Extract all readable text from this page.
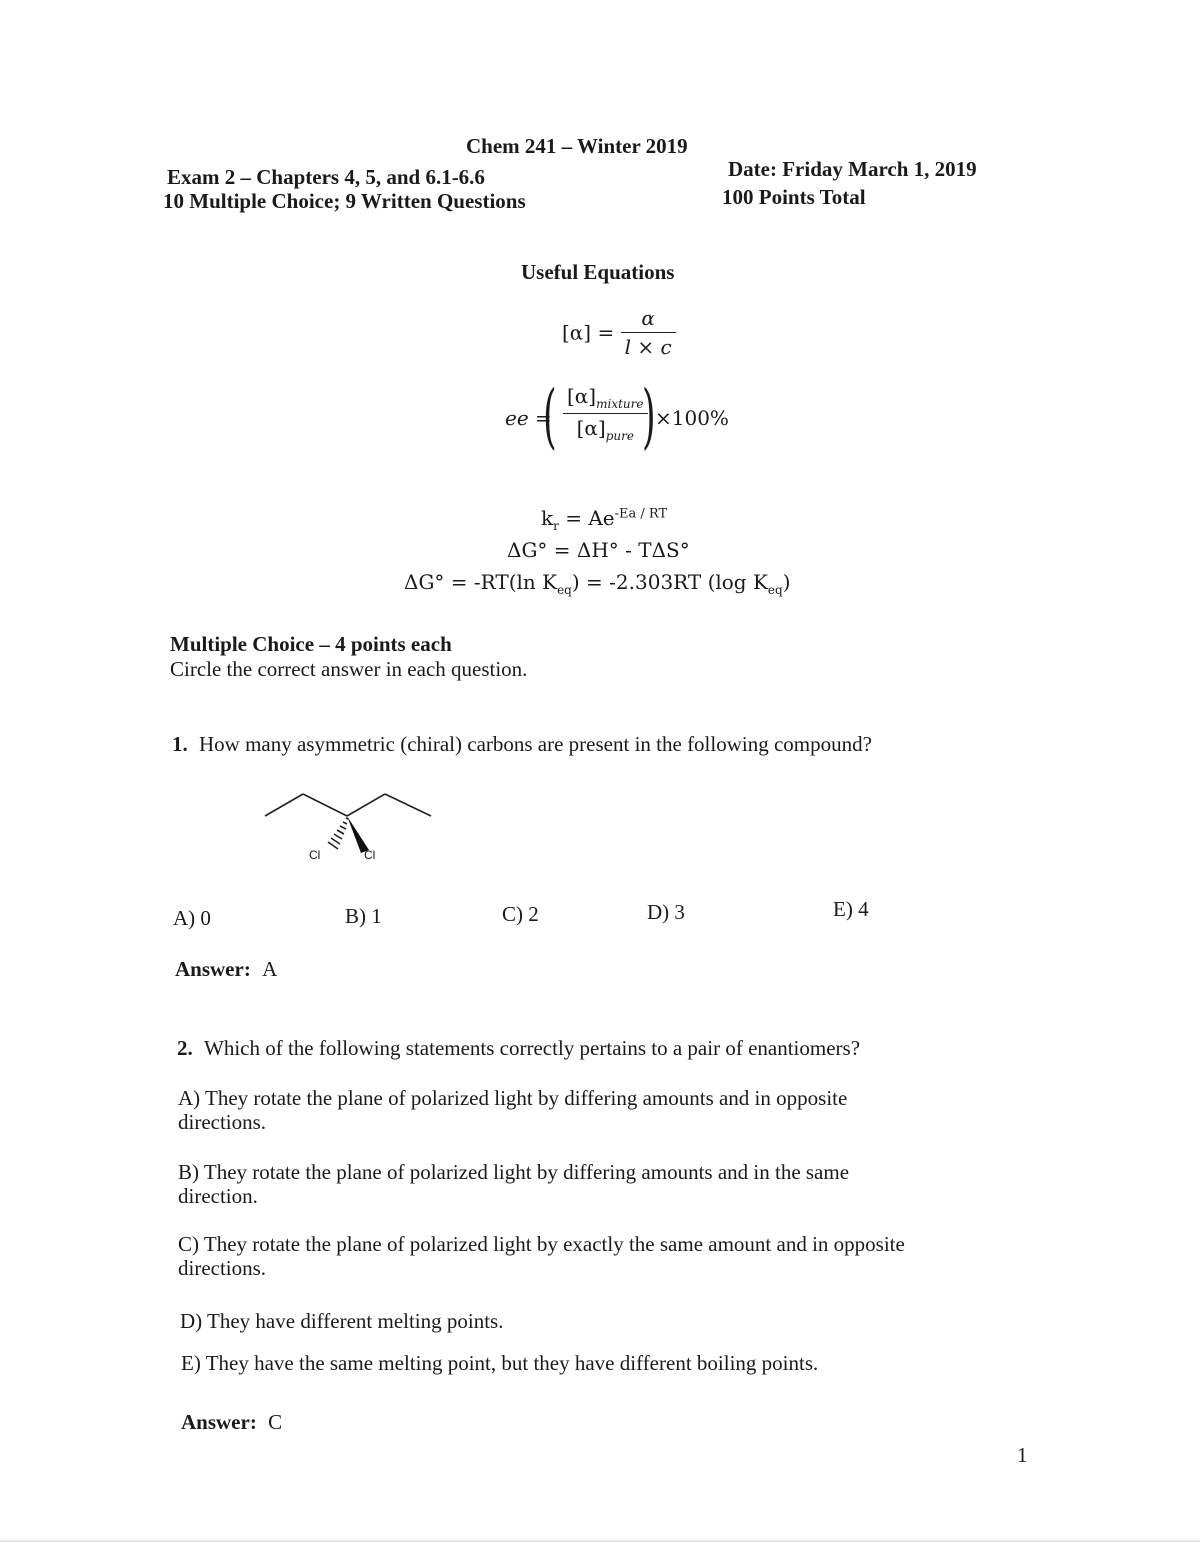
Chem 241 – Winter 2019
Exam 2 – Chapters 4, 5, and 6.1-6.6
10 Multiple Choice; 9 Written Questions
Date: Friday March 1, 2019
100 Points Total
Useful Equations
$[\alpha] = \frac{\alpha}{l \times c}$
ee =
( $[\alpha]_{mixture}$
$[\alpha]_{pure}$ ) ×100%
$k_r = Ae^{-Ea / RT}$
ΔG° = ΔH° - TΔS°
ΔG° = -RT(ln $K_{eq}) = -2.303RT$ (log $K_{eq}$)
Multiple Choice – 4 points each
Circle the correct answer in each question.
1. How many asymmetric (chiral) carbons are present in the following compound?
Cl	Cl
A) 0	B) 1	C) 2	D) 3	E) 4
Answer: A
2. Which of the following statements correctly pertains to a pair of enantiomers?
A) They rotate the plane of polarized light by differing amounts and in opposite
directions.
B) They rotate the plane of polarized light by differing amounts and in the same
direction.
C) They rotate the plane of polarized light by exactly the same amount and in opposite
directions.
D) They have different melting points.
E) They have the same melting point, but they have different boiling points.
Answer: C
1
